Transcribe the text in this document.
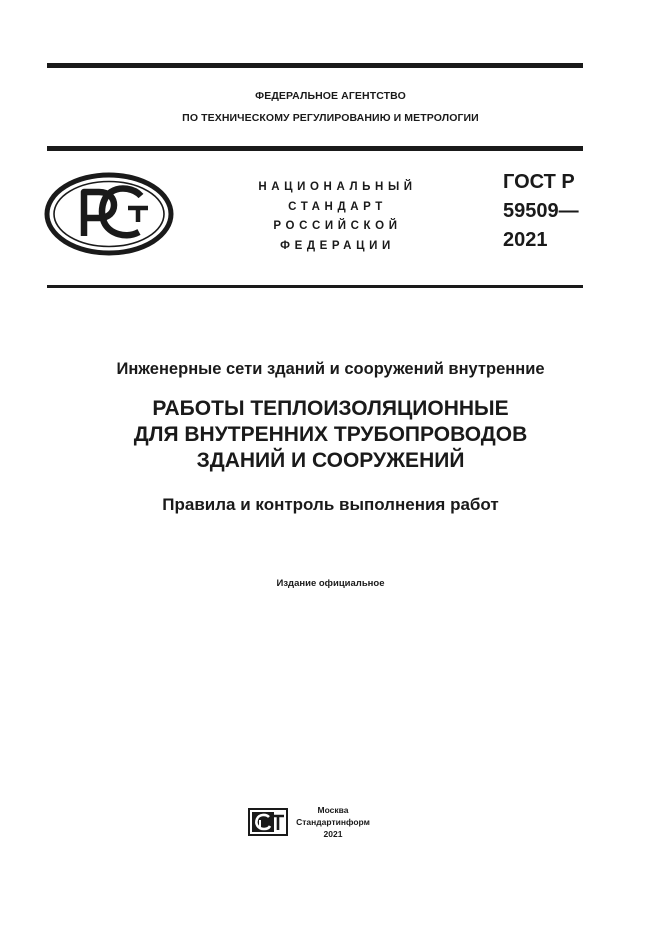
ФЕДЕРАЛЬНОЕ АГЕНТСТВО
ПО ТЕХНИЧЕСКОМУ РЕГУЛИРОВАНИЮ И МЕТРОЛОГИИ
НАЦИОНАЛЬНЫЙ
СТАНДАРТ
РОССИЙСКОЙ
ФЕДЕРАЦИИ
ГОСТ Р
59509—
2021
Инженерные сети зданий и сооружений внутренние
РАБОТЫ ТЕПЛОИЗОЛЯЦИОННЫЕ
ДЛЯ ВНУТРЕННИХ ТРУБОПРОВОДОВ
ЗДАНИЙ И СООРУЖЕНИЙ
Правила и контроль выполнения работ
Издание официальное
Москва
Стандартинформ
2021
